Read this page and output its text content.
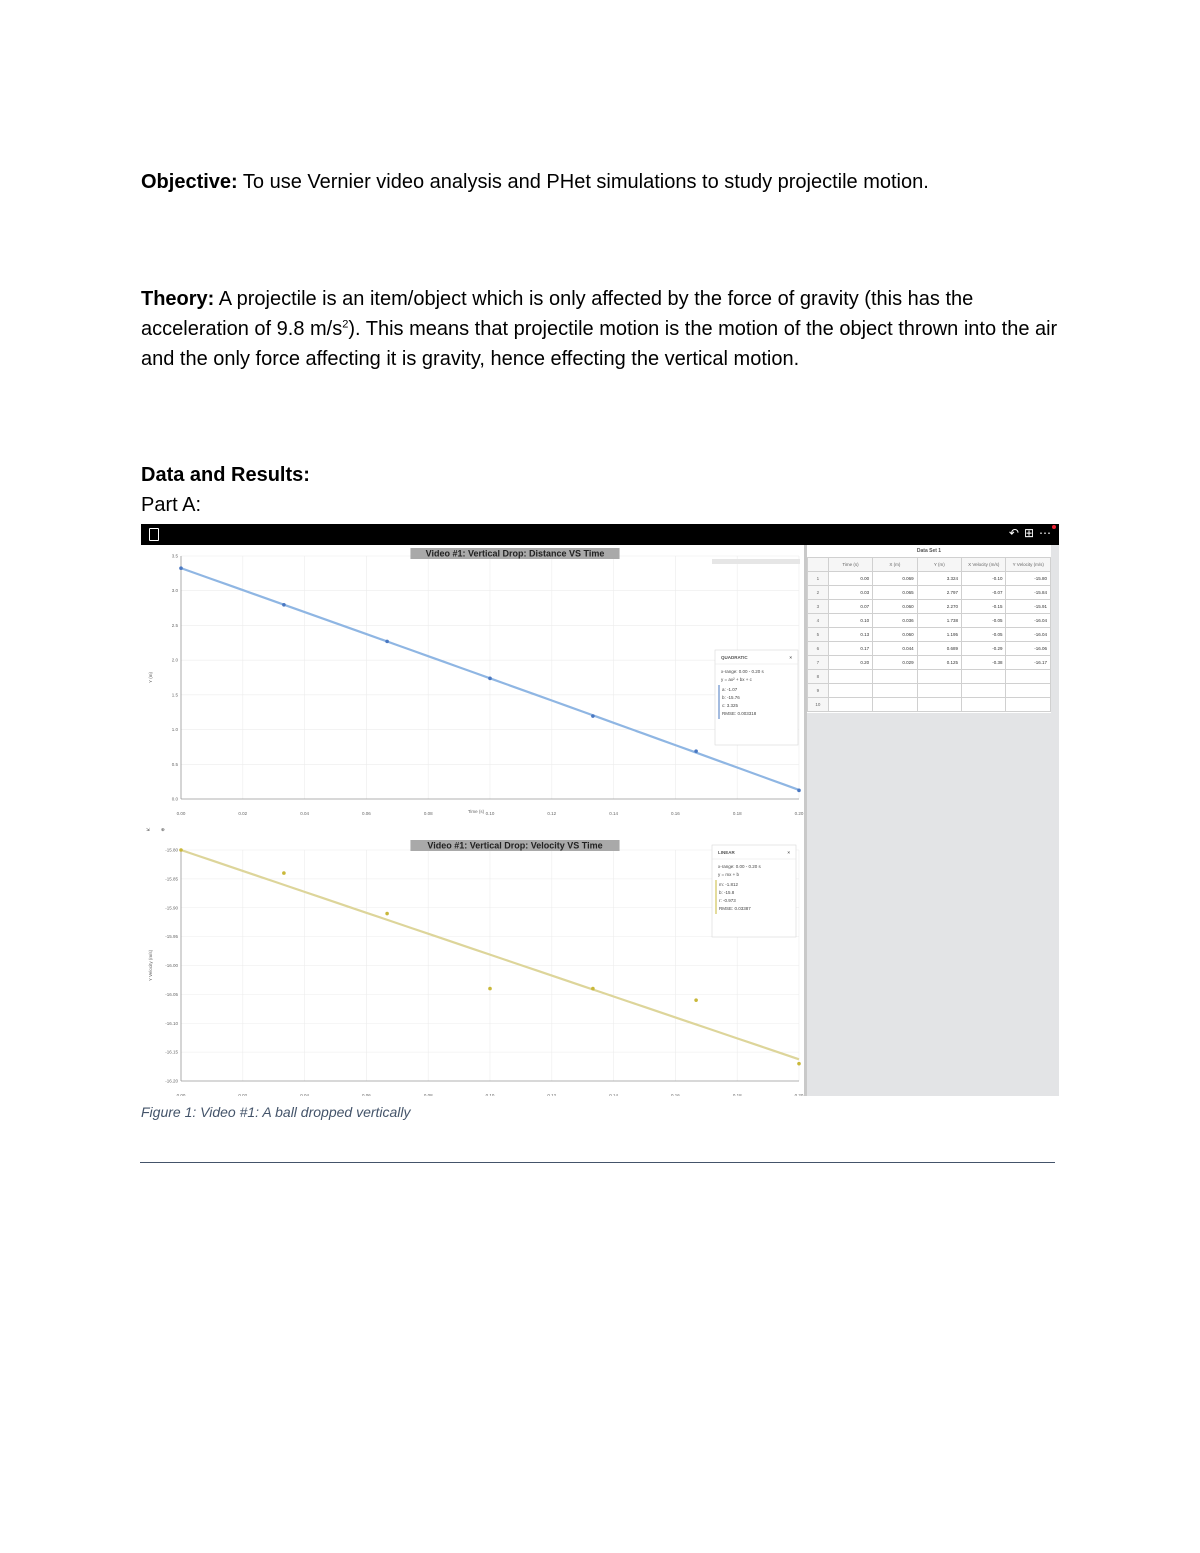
Objective: To use Vernier video analysis and PHet simulations to study projectile motion.
Theory: A projectile is an item/object which is only affected by the force of gravity (this has the acceleration of 9.8 $m/s^2$). This means that projectile motion is the motion of the object thrown into the air and the only force affecting it is gravity, hence effecting the vertical motion.
Data and Results:
Part A:
↶ ⊞ ⋯
0.00	0.02	0.04	0.06	0.08	0.10	0.12	0.14	0.16	0.18	0.20
3.5
3.0
2.5
2.0
1.5
1.0
0.5
0.0
Video #1: Vertical Drop: Distance VS Time
Time (s)
Y (m)
QUADRATIC	×
x-range: 0.00 - 0.20 s
y = ax² + bx + c
a: -1.07
b: -15.76
c: 3.325
RMSE: 0.003318
⇲ ⊕
0.00	0.02	0.04	0.06	0.08	0.10	0.12	0.14	0.16	0.18	0.20
-15.80
-15.85
-15.90
-15.95
-16.00
-16.05
-16.10
-16.15
-16.20
Video #1: Vertical Drop: Velocity VS Time
Y Velocity (m/s)
LINEAR	×
x-range: 0.00 - 0.20 s
y = mx + b
m: -1.812
b: -15.8
r: -0.973
RMSE: 0.03387
Data Set 1
	Time (s)	X (m)	Y (m)	X Velocity (m/s)	Y Velocity (m/s)
1	0.00	0.069	3.324	-0.10	-15.80
2	0.03	0.065	2.797	-0.07	-15.84
3	0.07	0.060	2.270	-0.15	-15.91
4	0.10	0.036	1.738	-0.05	-16.04
5	0.13	0.060	1.195	-0.05	-16.04
6	0.17	0.044	0.689	-0.29	-16.06
7	0.20	0.029	0.125	-0.38	-16.17
8					
9					
10					
Figure 1: Video #1: A ball dropped vertically
